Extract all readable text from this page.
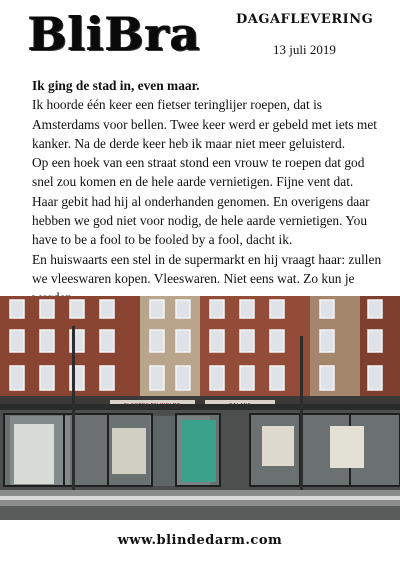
BliBra	DAGAFLEVERING
13 juli 2019

Ik ging de stad in, even maar.

Ik hoorde één keer een fietser teringlijer roepen, dat is Amsterdams voor bellen. Twee keer werd er gebeld met iets met kanker. Na de derde keer heb ik maar niet meer geluisterd.

Op een hoek van een straat stond een vrouw te roepen dat god snel zou komen en de hele aarde vernietigen. Fijne vent dat. Haar gebit had hij al onderhanden genomen. En overigens daar hebben we god niet voor nodig, de hele aarde vernietigen. You have to be a fool to be fooled by a fool, dacht ik.

En huiswaarts een stel in de supermarkt en hij vraagt haar: zullen we vleeswaren kopen. Vleeswaren. Niet eens wat. Zo kun je

www.blindedarm.com
